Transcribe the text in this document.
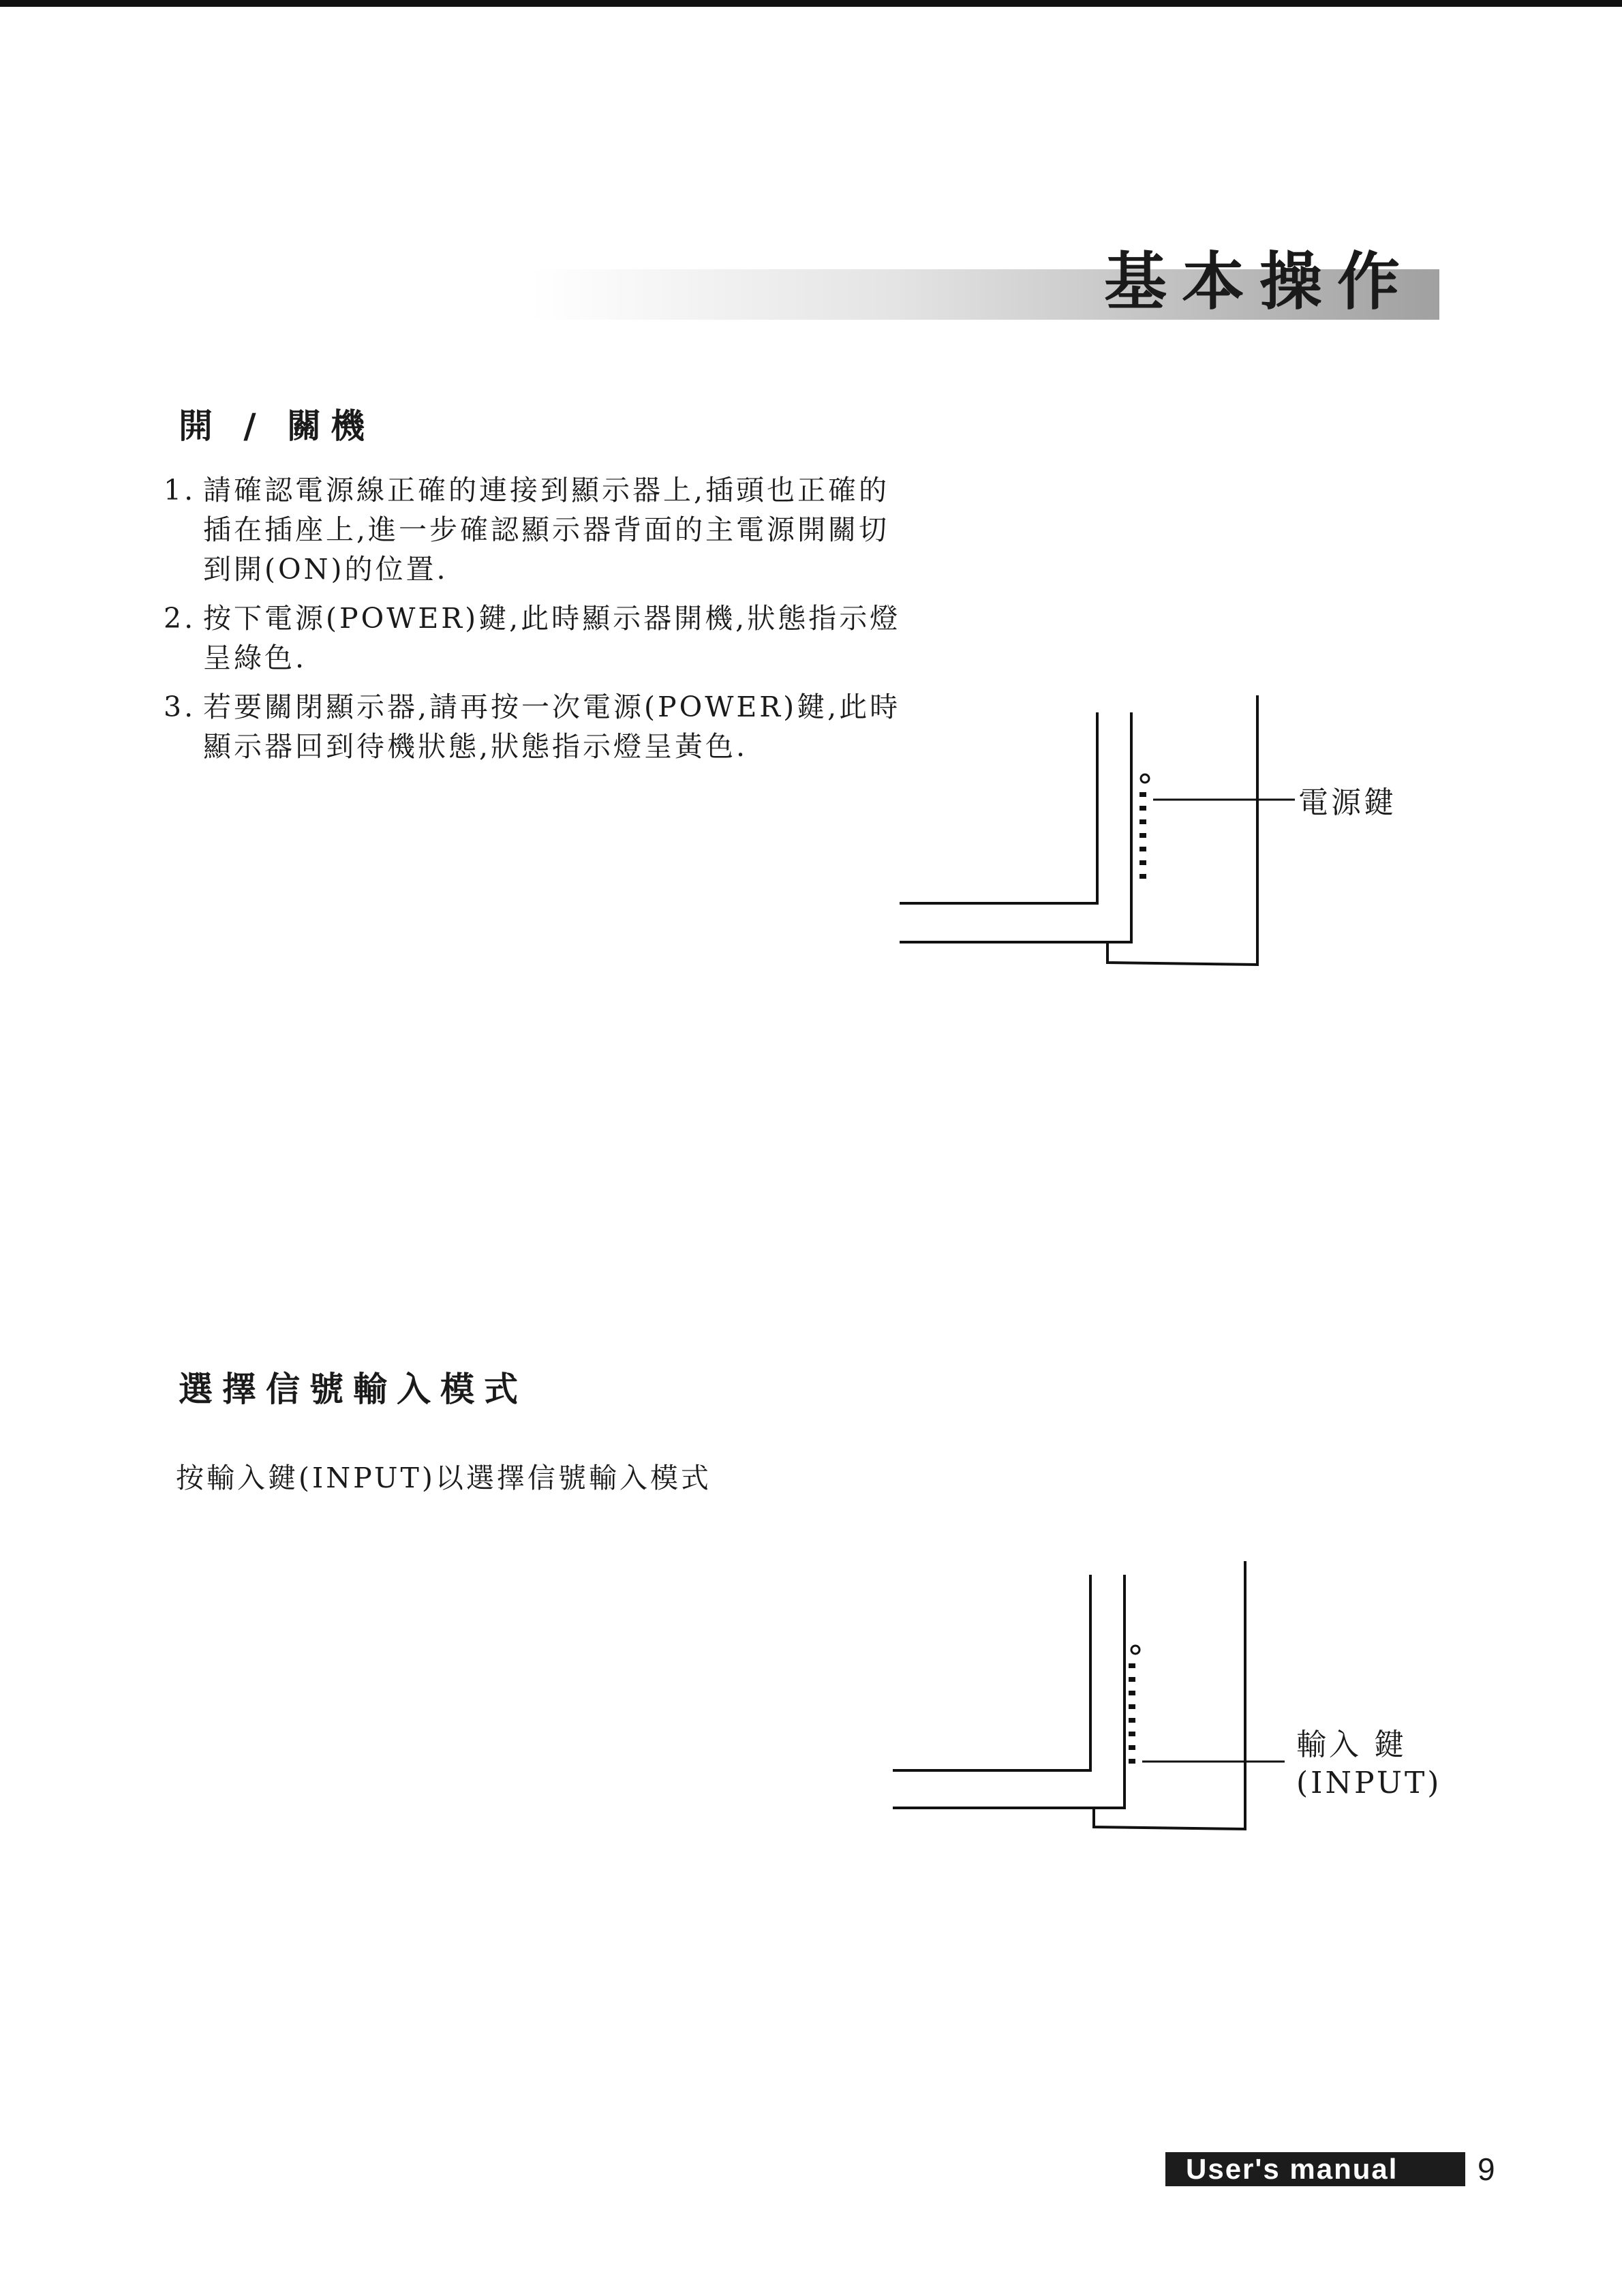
基本操作
開 / 關機
1. 請確認電源線正確的連接到顯示器上,插頭也正確的插在插座上,進一步確認顯示器背面的主電源開關切到開(ON)的位置.
2. 按下電源(POWER)鍵,此時顯示器開機,狀態指示燈呈綠色.
3. 若要關閉顯示器,請再按一次電源(POWER)鍵,此時顯示器回到待機狀態,狀態指示燈呈黃色.
電源鍵
選擇信號輸入模式
按輸入鍵(INPUT)以選擇信號輸入模式
輸入 鍵
(INPUT)
User's manual	9
